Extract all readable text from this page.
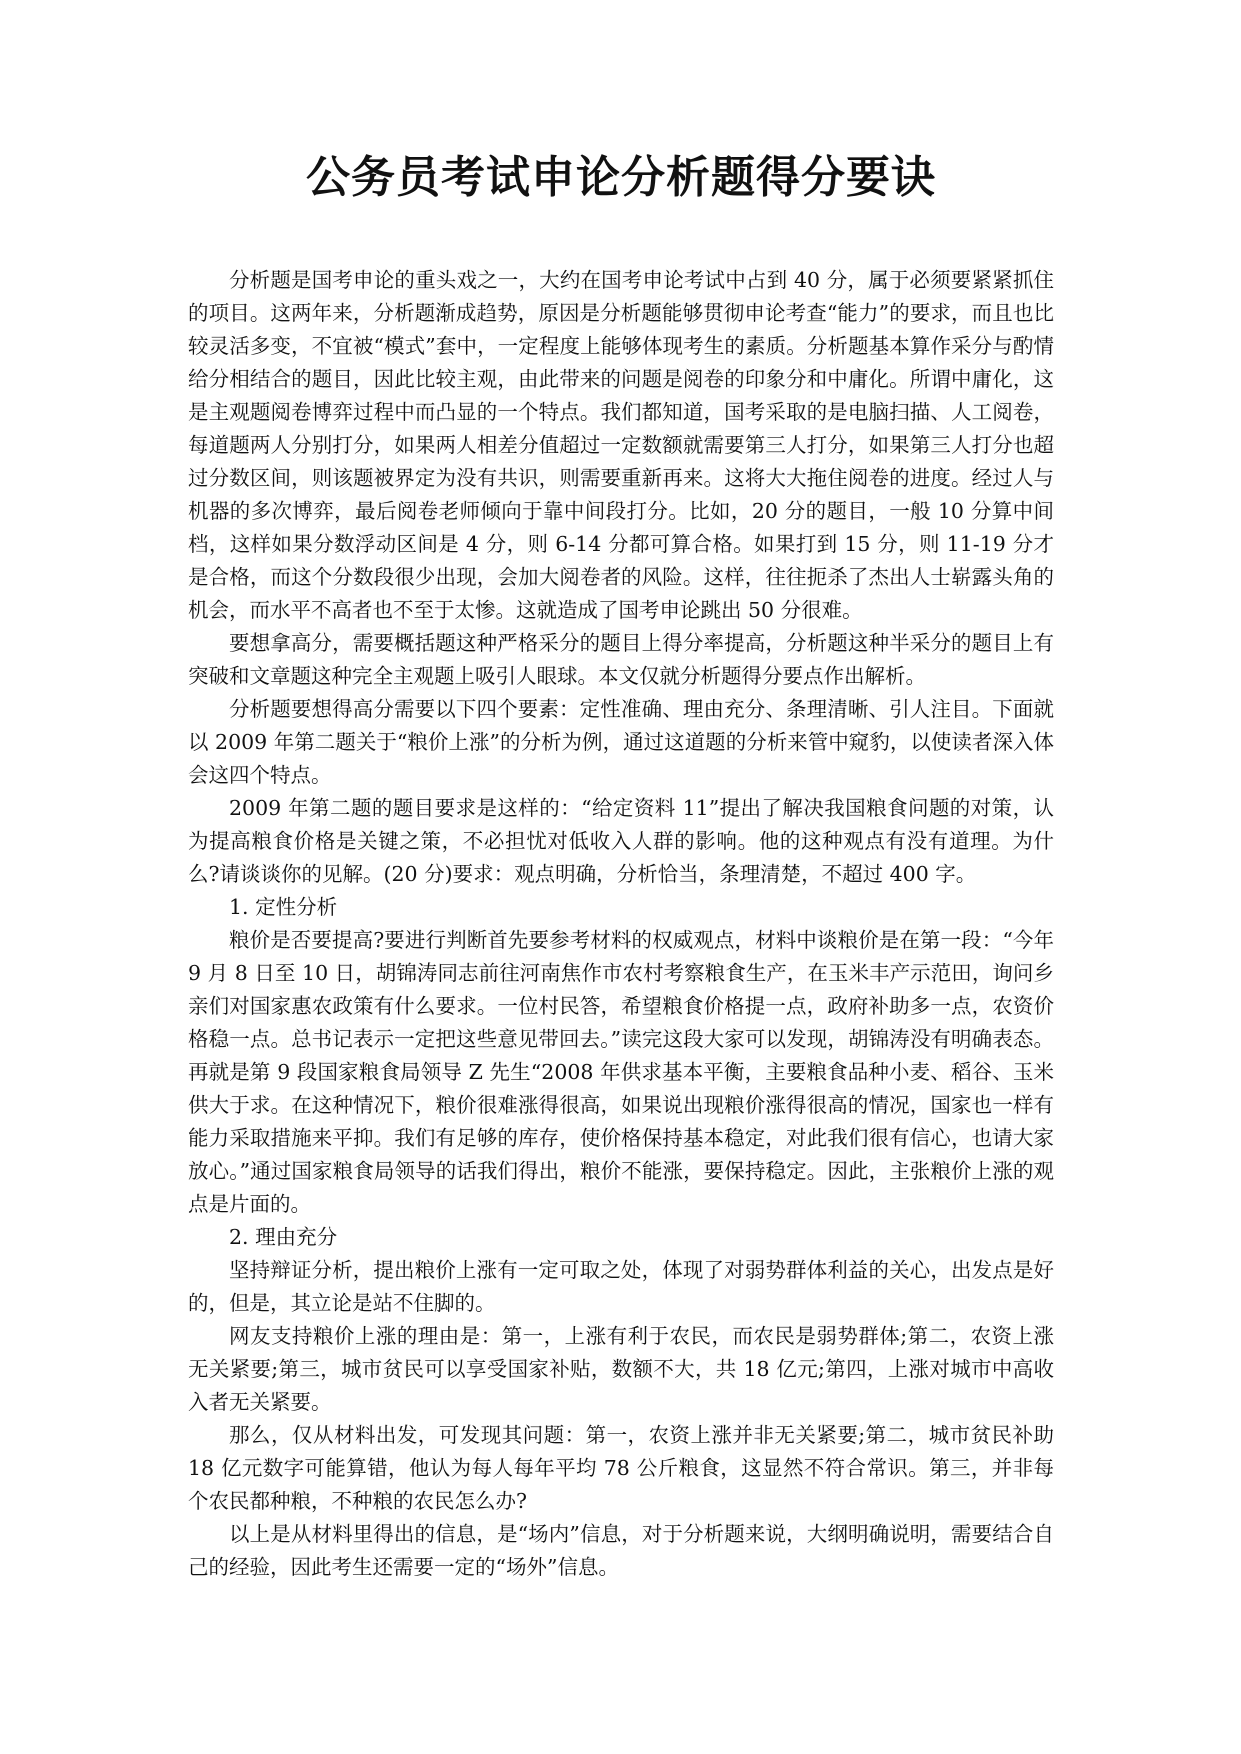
公务员考试申论分析题得分要诀

分析题是国考申论的重头戏之一，大约在国考申论考试中占到 40 分，属于必须要紧紧抓住的项目。这两年来，分析题渐成趋势，原因是分析题能够贯彻申论考查“能力”的要求，而且也比较灵活多变，不宜被“模式”套中，一定程度上能够体现考生的素质。分析题基本算作采分与酌情给分相结合的题目，因此比较主观，由此带来的问题是阅卷的印象分和中庸化。所谓中庸化，这是主观题阅卷博弈过程中而凸显的一个特点。我们都知道，国考采取的是电脑扫描、人工阅卷，每道题两人分别打分，如果两人相差分值超过一定数额就需要第三人打分，如果第三人打分也超过分数区间，则该题被界定为没有共识，则需要重新再来。这将大大拖住阅卷的进度。经过人与机器的多次博弈，最后阅卷老师倾向于靠中间段打分。比如，20 分的题目，一般 10 分算中间档，这样如果分数浮动区间是 4 分，则 6-14 分都可算合格。如果打到 15 分，则 11-19 分才是合格，而这个分数段很少出现，会加大阅卷者的风险。这样，往往扼杀了杰出人士崭露头角的机会，而水平不高者也不至于太惨。这就造成了国考申论跳出 50 分很难。

要想拿高分，需要概括题这种严格采分的题目上得分率提高，分析题这种半采分的题目上有突破和文章题这种完全主观题上吸引人眼球。本文仅就分析题得分要点作出解析。

分析题要想得高分需要以下四个要素：定性准确、理由充分、条理清晰、引人注目。下面就以 2009 年第二题关于“粮价上涨”的分析为例，通过这道题的分析来管中窥豹，以使读者深入体会这四个特点。

2009 年第二题的题目要求是这样的：“给定资料 11”提出了解决我国粮食问题的对策，认为提高粮食价格是关键之策，不必担忧对低收入人群的影响。他的这种观点有没有道理。为什么?请谈谈你的见解。(20 分)要求：观点明确，分析恰当，条理清楚，不超过 400 字。

1. 定性分析

粮价是否要提高?要进行判断首先要参考材料的权威观点，材料中谈粮价是在第一段：“今年 9 月 8 日至 10 日，胡锦涛同志前往河南焦作市农村考察粮食生产，在玉米丰产示范田，询问乡亲们对国家惠农政策有什么要求。一位村民答，希望粮食价格提一点，政府补助多一点，农资价格稳一点。总书记表示一定把这些意见带回去。”读完这段大家可以发现，胡锦涛没有明确表态。再就是第 9 段国家粮食局领导 Z 先生“2008 年供求基本平衡，主要粮食品种小麦、稻谷、玉米供大于求。在这种情况下，粮价很难涨得很高，如果说出现粮价涨得很高的情况，国家也一样有能力采取措施来平抑。我们有足够的库存，使价格保持基本稳定，对此我们很有信心，也请大家放心。”通过国家粮食局领导的话我们得出，粮价不能涨，要保持稳定。因此，主张粮价上涨的观点是片面的。

2. 理由充分

坚持辩证分析，提出粮价上涨有一定可取之处，体现了对弱势群体利益的关心，出发点是好的，但是，其立论是站不住脚的。

网友支持粮价上涨的理由是：第一，上涨有利于农民，而农民是弱势群体;第二，农资上涨无关紧要;第三，城市贫民可以享受国家补贴，数额不大，共 18 亿元;第四，上涨对城市中高收入者无关紧要。

那么，仅从材料出发，可发现其问题：第一，农资上涨并非无关紧要;第二，城市贫民补助 18 亿元数字可能算错，他认为每人每年平均 78 公斤粮食，这显然不符合常识。第三，并非每个农民都种粮，不种粮的农民怎么办?

以上是从材料里得出的信息，是“场内”信息，对于分析题来说，大纲明确说明，需要结合自己的经验，因此考生还需要一定的“场外”信息。
